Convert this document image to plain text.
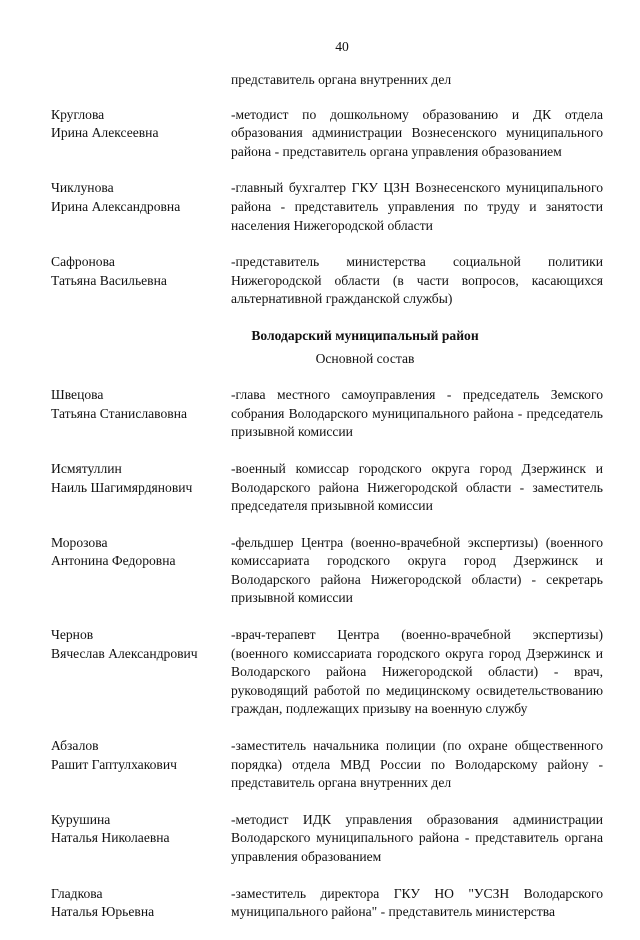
40
представитель органа внутренних дел
Круглова
Ирина Алексеевна
-методист по дошкольному образованию и ДК отдела образования администрации Вознесенского муниципального района - представитель органа управления образованием
Чиклунова
Ирина Александровна
-главный бухгалтер ГКУ ЦЗН Вознесенского муниципального района - представитель управления по труду и занятости населения Нижегородской области
Сафронова
Татьяна Васильевна
-представитель министерства социальной политики Нижегородской области (в части вопросов, касающихся альтернативной гражданской службы)
Володарский муниципальный район
Основной состав
Швецова
Татьяна Станиславовна
-глава местного самоуправления - председатель Земского собрания Володарского муниципального района - председатель призывной комиссии
Исмятуллин
Наиль Шагимярдянович
-военный комиссар городского округа город Дзержинск и Володарского района Нижегородской области - заместитель председателя призывной комиссии
Морозова
Антонина Федоровна
-фельдшер Центра (военно-врачебной экспертизы) (военного комиссариата городского округа город Дзержинск и Володарского района Нижегородской области) - секретарь призывной комиссии
Чернов
Вячеслав Александрович
-врач-терапевт Центра (военно-врачебной экспертизы) (военного комиссариата городского округа город Дзержинск и Володарского района Нижегородской области) - врач, руководящий работой по медицинскому освидетельствованию граждан, подлежащих призыву на военную службу
Абзалов
Рашит Гаптулхакович
-заместитель начальника полиции (по охране общественного порядка) отдела МВД России по Володарскому району - представитель органа внутренних дел
Курушина
Наталья Николаевна
-методист ИДК управления образования администрации Володарского муниципального района - представитель органа управления образованием
Гладкова
Наталья Юрьевна
-заместитель директора ГКУ НО "УСЗН Володарского муниципального района" - представитель министерства
